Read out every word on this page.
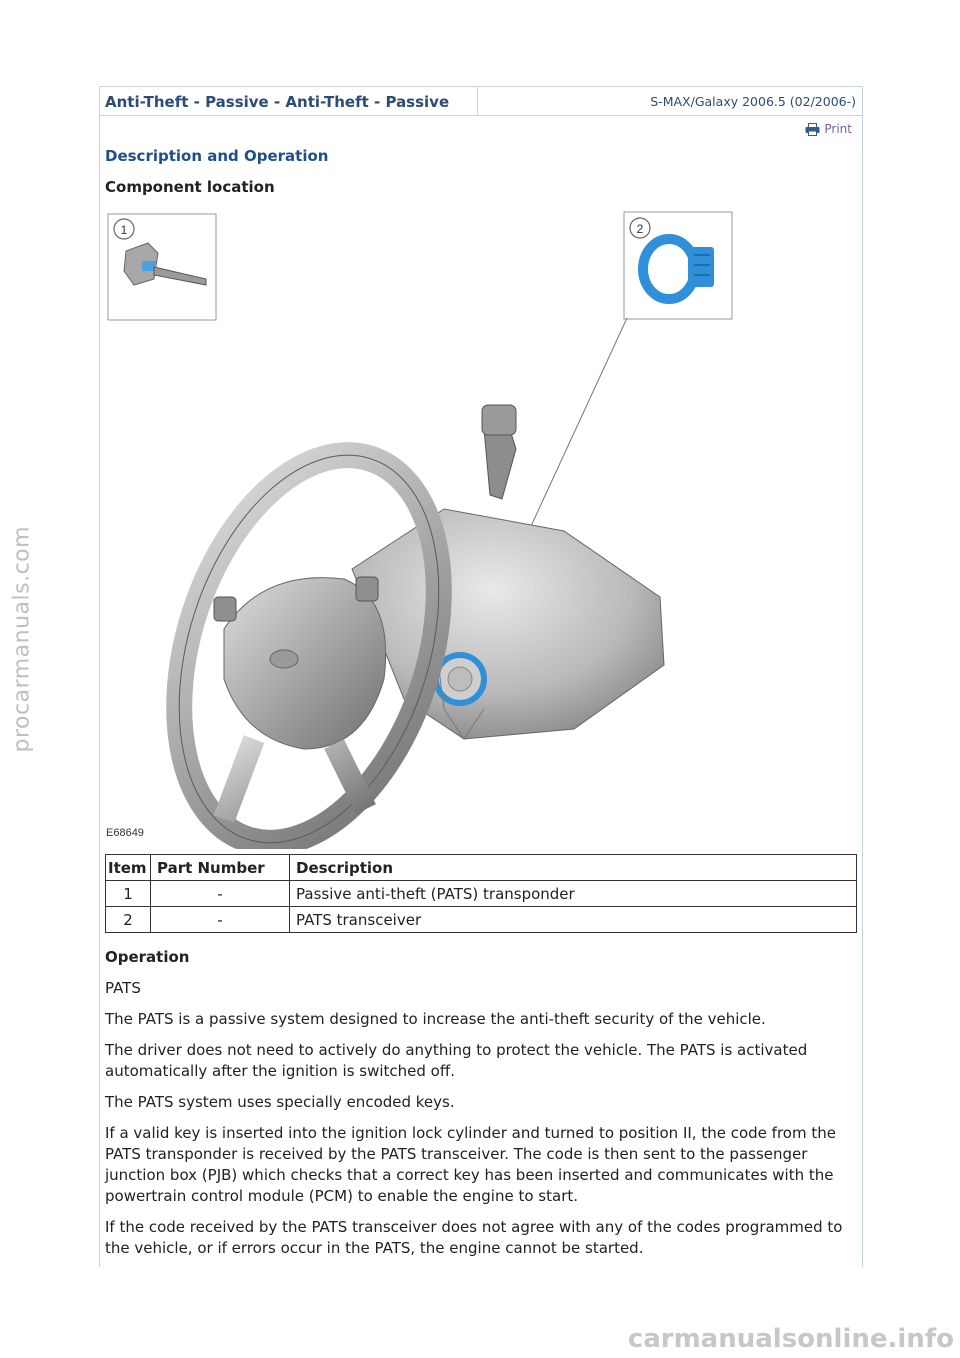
Anti-Theft - Passive - Anti-Theft - Passive	S-MAX/Galaxy 2006.5 (02/2006-)
Print
Description and Operation
Component location
1	2
E68649
Item	Part Number	Description
1	-	Passive anti-theft (PATS) transponder
2	-	PATS transceiver
Operation

PATS

The PATS is a passive system designed to increase the anti-theft security of the vehicle.

The driver does not need to actively do anything to protect the vehicle. The PATS is activated automatically after the ignition is switched off.

The PATS system uses specially encoded keys.

If a valid key is inserted into the ignition lock cylinder and turned to position II, the code from the PATS transponder is received by the PATS transceiver. The code is then sent to the passenger junction box (PJB) which checks that a correct key has been inserted and communicates with the powertrain control module (PCM) to enable the engine to start.

If the code received by the PATS transceiver does not agree with any of the codes programmed to the vehicle, or if errors occur in the PATS, the engine cannot be started.

procarmanuals.com
carmanualsonline.info
